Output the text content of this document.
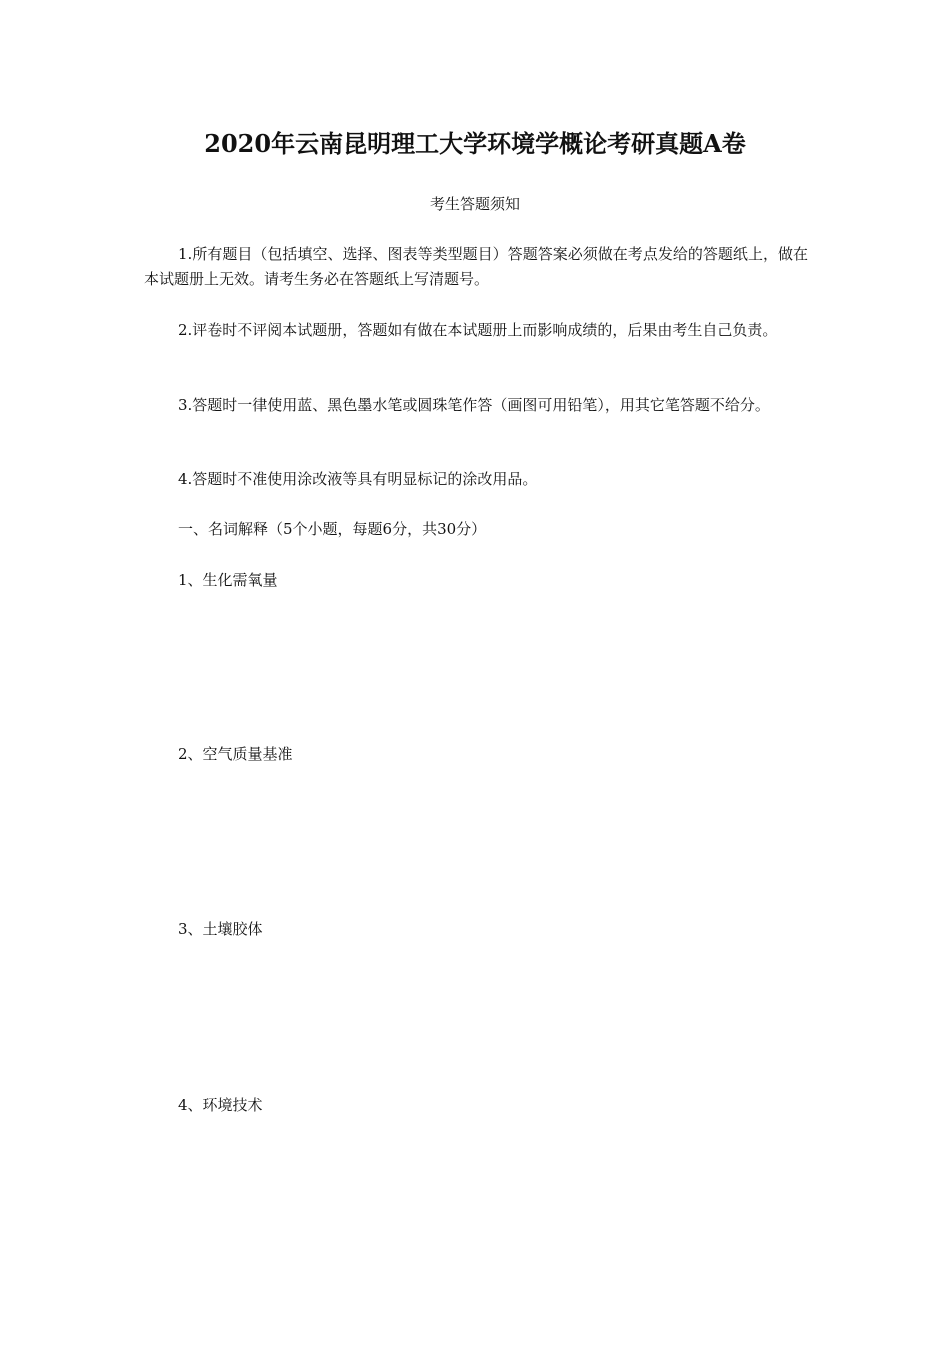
2020年云南昆明理工大学环境学概论考研真题A卷
考生答题须知

1.所有题目（包括填空、选择、图表等类型题目）答题答案必须做在考点发给的答题纸上，做在本试题册上无效。请考生务必在答题纸上写清题号。

2.评卷时不评阅本试题册，答题如有做在本试题册上而影响成绩的，后果由考生自己负责。

3.答题时一律使用蓝、黑色墨水笔或圆珠笔作答（画图可用铅笔），用其它笔答题不给分。

4.答题时不准使用涂改液等具有明显标记的涂改用品。

一、名词解释（5个小题，每题6分，共30分）
1、生化需氧量
2、空气质量基准
3、土壤胶体
4、环境技术
